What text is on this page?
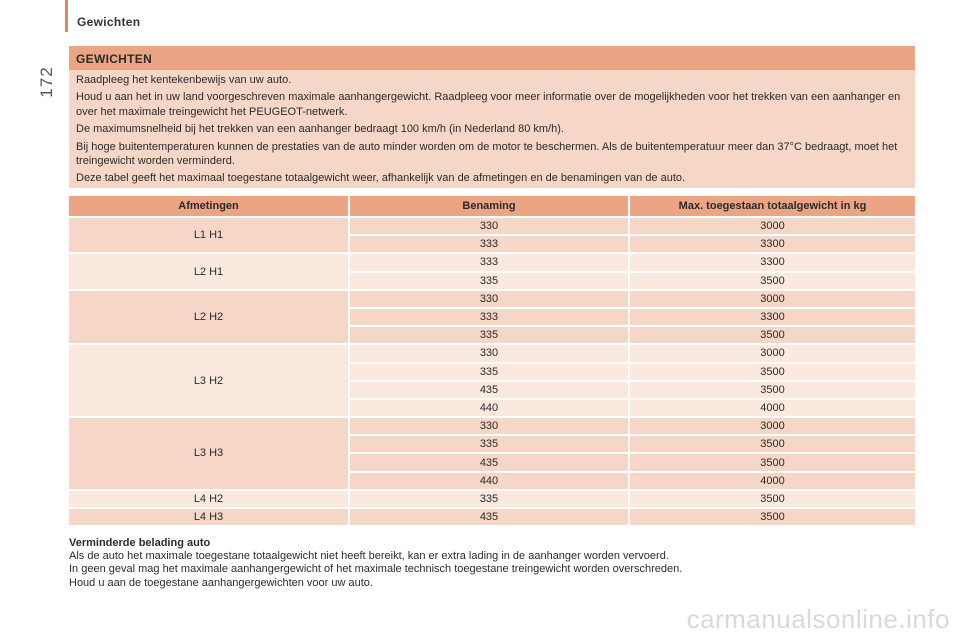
Gewichten
172
GEWICHTEN

Raadpleeg het kentekenbewijs van uw auto.

Houd u aan het in uw land voorgeschreven maximale aanhangergewicht. Raadpleeg voor meer informatie over de mogelijkheden voor het trekken van een aanhanger en over het maximale treingewicht het PEUGEOT-netwerk.

De maximumsnelheid bij het trekken van een aanhanger bedraagt 100 km/h (in Nederland 80 km/h).

Bij hoge buitentemperaturen kunnen de prestaties van de auto minder worden om de motor te beschermen. Als de buitentemperatuur meer dan 37°C bedraagt, moet het treingewicht worden verminderd.

Deze tabel geeft het maximaal toegestane totaalgewicht weer, afhankelijk van de afmetingen en de benamingen van de auto.

Afmetingen	Benaming	Max. toegestaan totaalgewicht in kg
L1 H1	330	3000
	333	3300
L2 H1	333	3300
	335	3500
L2 H2	330	3000
	333	3300
	335	3500
L3 H2	330	3000
	335	3500
	435	3500
	440	4000
L3 H3	330	3000
	335	3500
	435	3500
	440	4000
L4 H2	335	3500
L4 H3	435	3500
Verminderde belading auto
Als de auto het maximale toegestane totaalgewicht niet heeft bereikt, kan er extra lading in de aanhanger worden vervoerd.
In geen geval mag het maximale aanhangergewicht of het maximale technisch toegestane treingewicht worden overschreden.
Houd u aan de toegestane aanhangergewichten voor uw auto.
carmanualsonline.info
